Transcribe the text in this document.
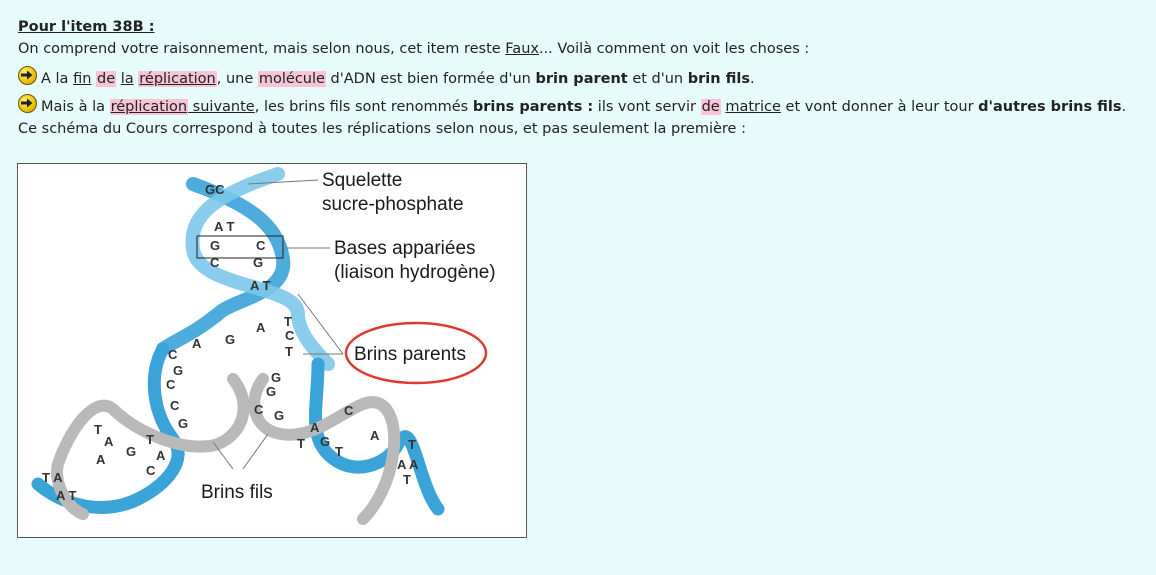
Pour l'item 38B :
On comprend votre raisonnement, mais selon nous, cet item reste Faux... Voilà comment on voit les choses :
A la fin de la réplication, une molécule d'ADN est bien formée d'un brin parent et d'un brin fils.
Mais à la réplication suivante, les brins fils sont renommés brins parents : ils vont servir de matrice et vont donner à leur tour d'autres brins fils.
Ce schéma du Cours correspond à toutes les réplications selon nous, et pas seulement la première :
GC
A T
G	C
C	G
A T
A
A G
T
C
T
C
G
C
C
G
G
G
C G
T
A
G
C
T
A
A A
T
T
T
A
G
T
C
A
T A
A T
A
Squelette
sucre-phosphate
Bases appariées
(liaison hydrogène)
Brins parents
Brins fils
